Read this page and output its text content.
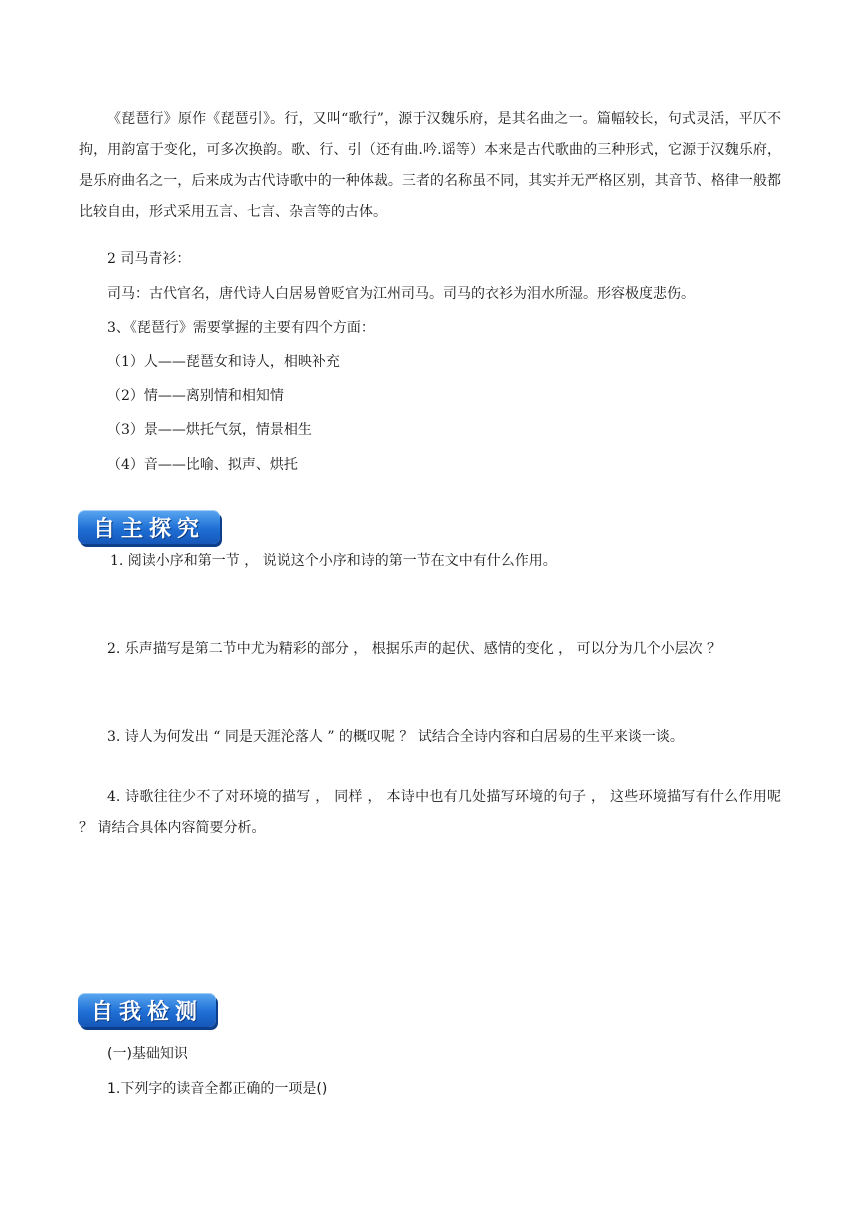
《琵琶行》原作《琵琶引》。行，又叫“歌行”，源于汉魏乐府，是其名曲之一。篇幅较长，句式灵活，平仄不拘，用韵富于变化，可多次换韵。歌、行、引（还有曲.吟.谣等）本来是古代歌曲的三种形式，它源于汉魏乐府，是乐府曲名之一，后来成为古代诗歌中的一种体裁。三者的名称虽不同，其实并无严格区别，其音节、格律一般都比较自由，形式采用五言、七言、杂言等的古体。

2 司马青衫：

司马：古代官名，唐代诗人白居易曾贬官为江州司马。司马的衣衫为泪水所湿。形容极度悲伤。

3、《琵琶行》需要掌握的主要有四个方面：

（1）人——琵琶女和诗人，相映补充

（2）情——离别情和相知情

（3）景——烘托气氛，情景相生

（4）音——比喻、拟声、烘托

自主探究

1. 阅读小序和第一节 ， 说说这个小序和诗的第一节在文中有什么作用。

2. 乐声描写是第二节中尤为精彩的部分 ， 根据乐声的起伏、感情的变化 ， 可以分为几个小层次 ？

3. 诗人为何发出 “ 同是天涯沦落人 ” 的概叹呢 ？ 试结合全诗内容和白居易的生平来谈一谈。

4. 诗歌往往少不了对环境的描写 ， 同样 ， 本诗中也有几处描写环境的句子 ， 这些环境描写有什么作用呢 ？ 请结合具体内容简要分析。

自我检测

(一)基础知识

1.下列字的读音全都正确的一项是()
